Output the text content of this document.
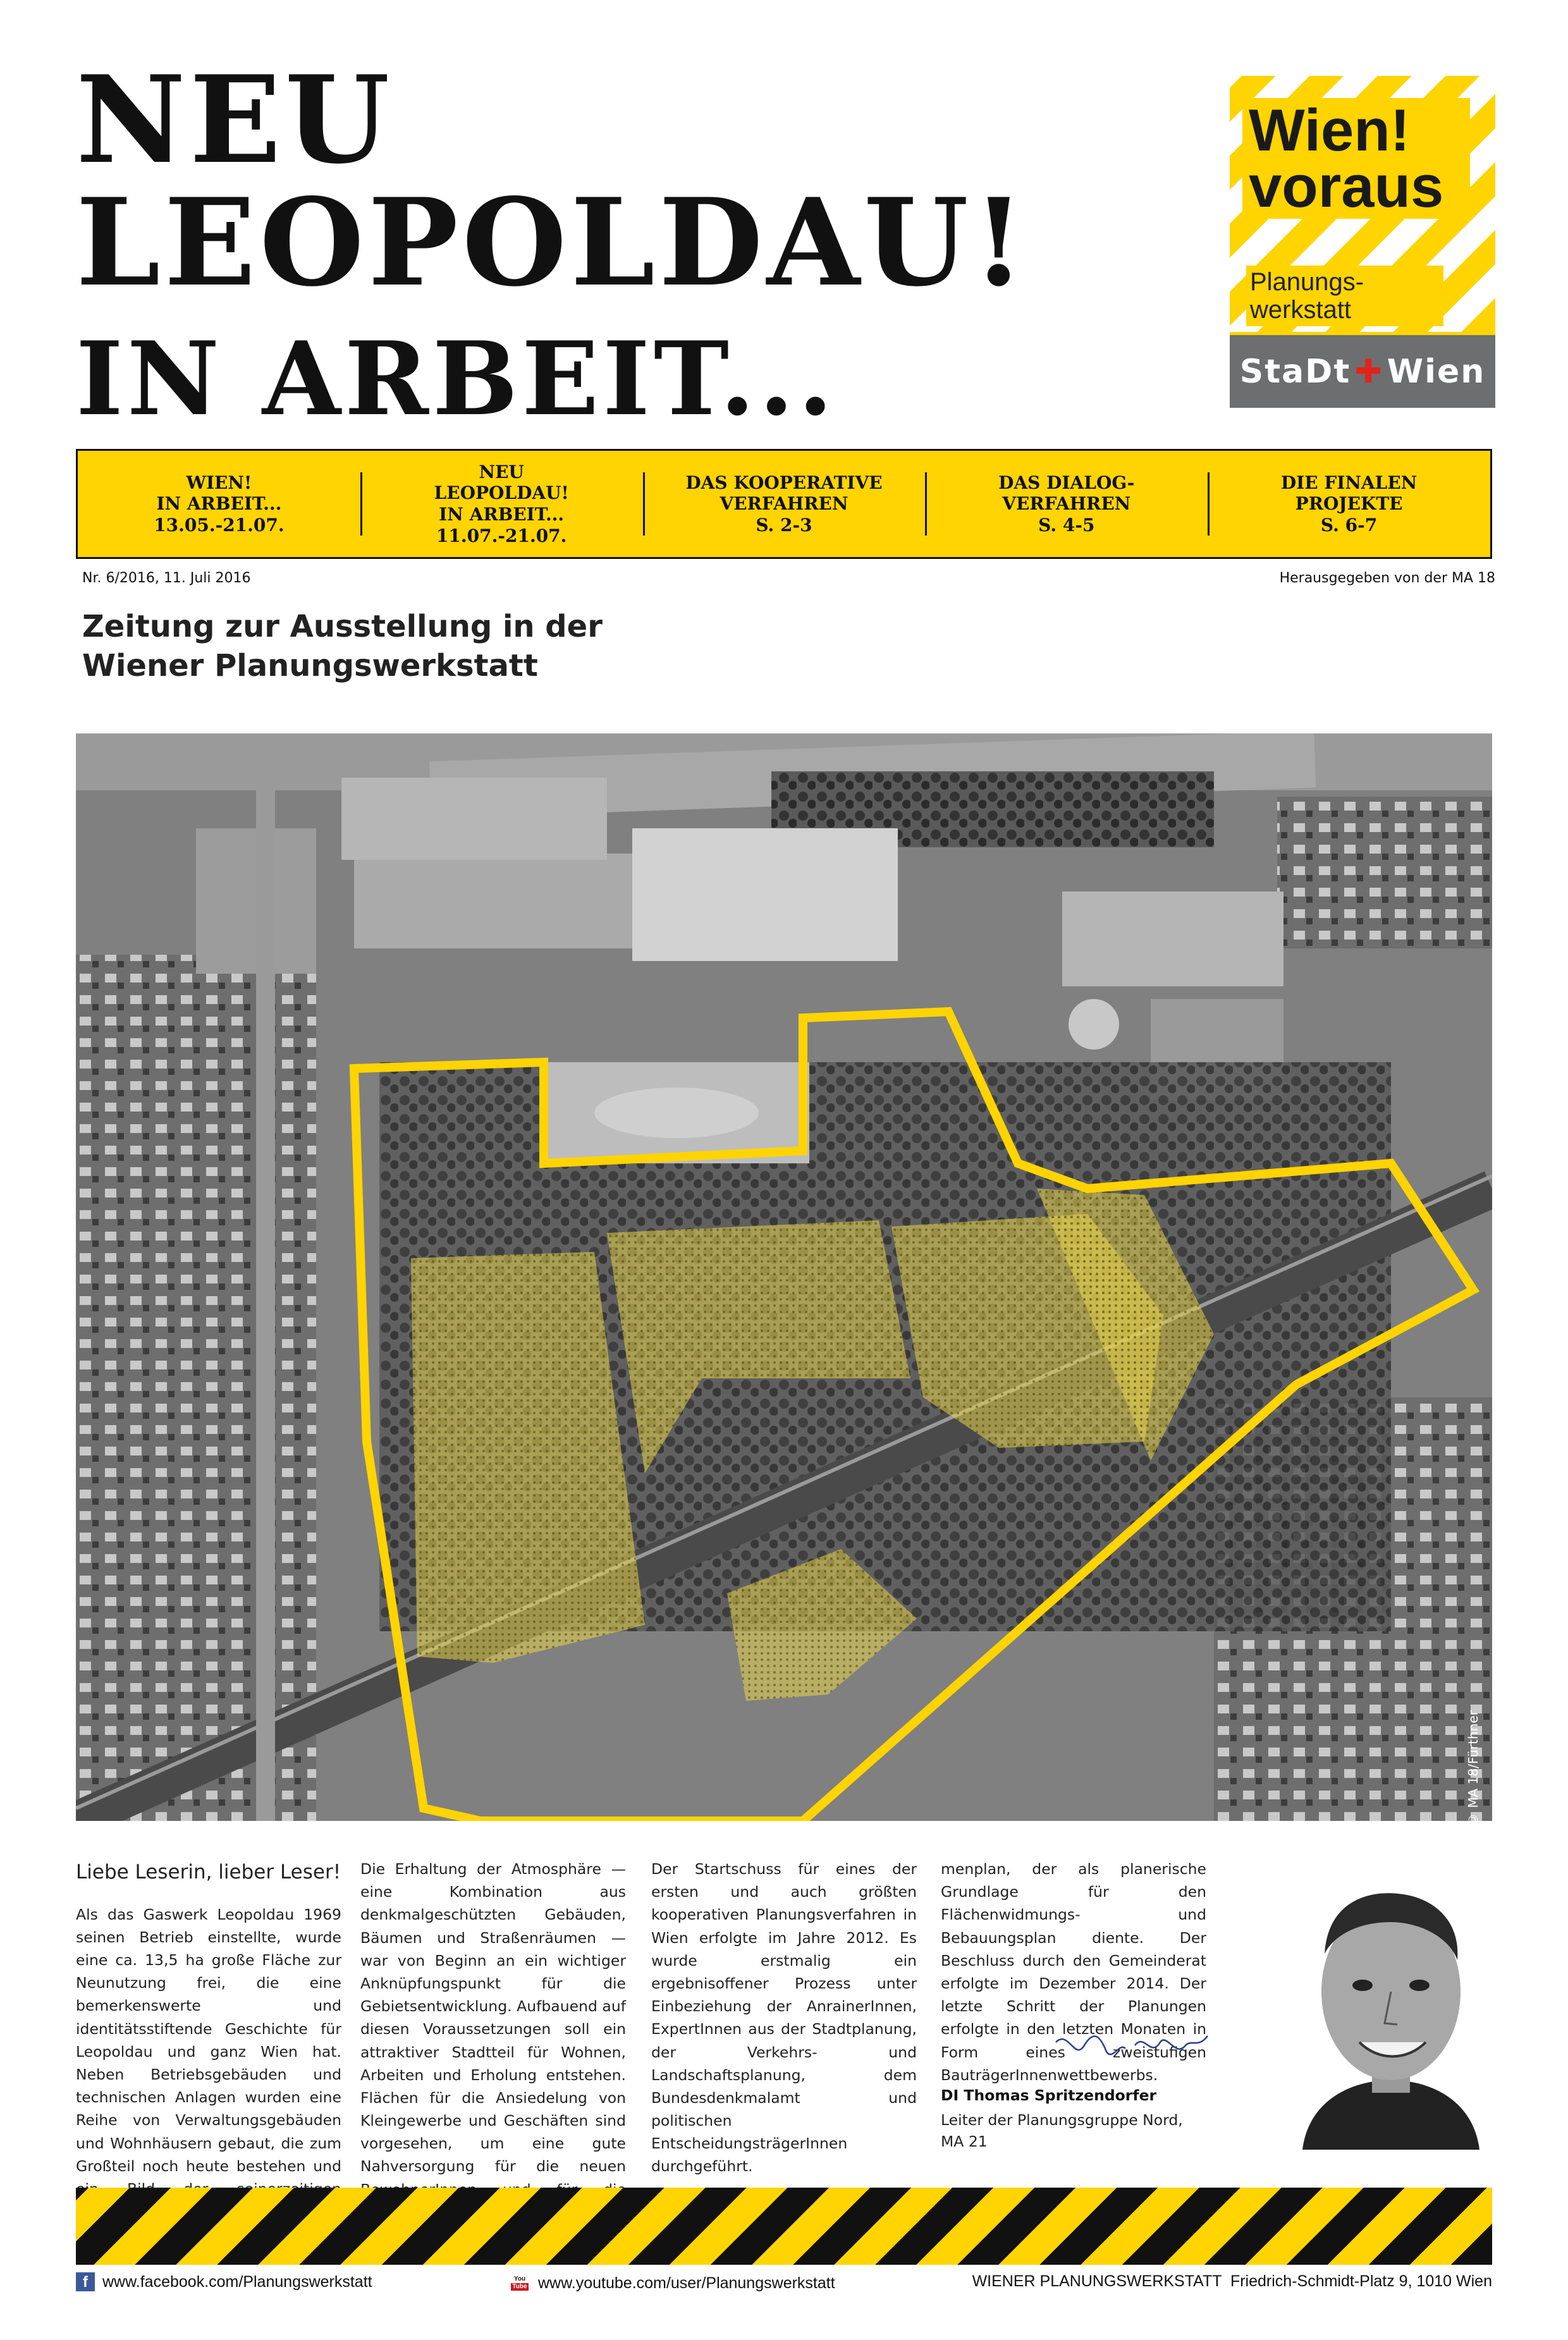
NEU
LEOPOLDAU!
IN ARBEIT...
Wien!
voraus
Planungs-
werkstatt
StaDt ✚ Wien
WIEN!
IN ARBEIT...
13.05.-21.07.
NEU
LEOPOLDAU!
IN ARBEIT...
11.07.-21.07.
DAS KOOPERATIVE
VERFAHREN
S. 2-3
DAS DIALOG-
VERFAHREN
S. 4-5
DIE FINALEN
PROJEKTE
S. 6-7
Nr. 6/2016, 11. Juli 2016	Herausgegeben von der MA 18
Zeitung zur Ausstellung in der
Wiener Planungswerkstatt
© MA 18/Fürthner
Liebe Leserin, lieber Leser!

Als das Gaswerk Leopoldau 1969 seinen Betrieb einstellte, wurde eine ca. 13,5 ha große Fläche zur Neunutzung frei, die eine bemerkenswerte und identitätsstiftende Geschichte für Leopoldau und ganz Wien hat. Neben Betriebsgebäuden und technischen Anlagen wurden eine Reihe von Verwaltungsgebäuden und Wohnhäusern gebaut, die zum Großteil noch heute bestehen und

Die Erhaltung der Atmosphäre — eine Kombination aus denkmalgeschützten Gebäuden, Bäumen und Straßenräumen — war von Beginn an ein wichtiger Anknüpfungspunkt für die Gebietsentwicklung. Aufbauend auf diesen Voraussetzungen soll ein attraktiver Stadtteil für Wohnen, Arbeiten und Erholung entstehen. Flächen für die Ansiedelung von Kleingewerbe und Geschäften sind vorgesehen, um eine gute Nahversorgung für die neuen

Der Startschuss für eines der ersten und auch größten kooperativen Planungsverfahren in Wien erfolgte im Jahre 2012. Es wurde erstmalig ein ergebnisoffener Prozess unter Einbeziehung der AnrainerInnen, ExpertInnen aus der Stadtplanung, der Verkehrs- und Landschaftsplanung, dem Bundesdenkmalamt und politischen EntscheidungsträgerInnen durchgeführt.

menplan, der als planerische Grundlage für den Flächenwidmungs- und Bebauungsplan diente. Der Beschluss durch den Gemeinderat erfolgte im Dezember 2014. Der letzte Schritt der Planungen erfolgte in den letzten Monaten in Form eines zweistufigen BauträgerInnenwettbewerbs.

DI Thomas Spritzendorfer
Leiter der Planungsgruppe Nord, MA 21
f www.facebook.com/Planungswerkstatt	You
Tube www.youtube.com/user/Planungswerkstatt	WIENER PLANUNGSWERKSTATT  Friedrich-Schmidt-Platz 9, 1010 Wien
